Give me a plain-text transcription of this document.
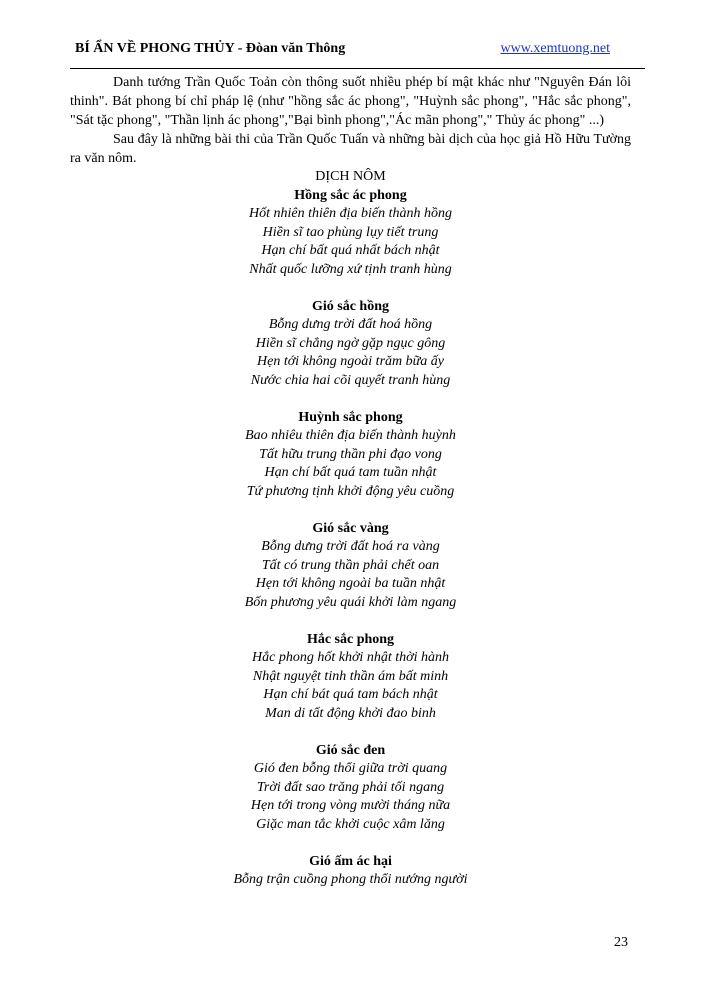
BÍ ẨN VỀ PHONG THỦY - Đòan văn Thông	www.xemtuong.net

Danh tướng Trần Quốc Toản còn thông suốt nhiều phép bí mật khác như "Nguyên Đán lôi thinh". Bát phong bí chỉ pháp lệ (như "hồng sắc ác phong", "Huỳnh sắc phong", "Hắc sắc phong", "Sát tặc phong", "Thần lịnh ác phong","Bại bình phong","Ác mãn phong"," Thủy ác phong" ...)

Sau đây là những bài thi của Trần Quốc Tuấn và những bài dịch của học giả Hồ Hữu Tường ra văn nôm.

DỊCH NÔM

Hồng sắc ác phong

Hốt nhiên thiên địa biến thành hồng

Hiền sĩ tao phùng lụy tiết trung

Hạn chí bất quá nhất bách nhật

Nhất quốc lưỡng xứ tịnh tranh hùng

Gió sắc hồng

Bỗng dưng trời đất hoá hồng

Hiền sĩ chẳng ngờ gặp ngục gông

Hẹn tới không ngoài trăm bữa ấy

Nước chia hai cõi quyết tranh hùng

Huỳnh sắc phong

Bao nhiêu thiên địa biến thành huỳnh

Tất hữu trung thần phi đạo vong

Hạn chí bất quá tam tuần nhật

Tứ phương tịnh khởi động yêu cuồng

Gió sắc vàng

Bỗng dưng trời đất hoá ra vàng

Tất có trung thần phải chết oan

Hẹn tới không ngoài ba tuần nhật

Bốn phương yêu quái khởi làm ngang

Hắc sắc phong

Hắc phong hốt khởi nhật thời hành

Nhật nguyệt tinh thần ám bất minh

Hạn chí bát quá tam bách nhật

Man di tất động khởi đao binh

Gió sắc đen

Gió đen bỗng thổi giữa trời quang

Trời đất sao trăng phải tối ngang

Hẹn tới trong vòng mười tháng nữa

Giặc man tắc khởi cuộc xâm lăng

Gió ấm ác hại

Bỗng trận cuồng phong thổi nướng người

23
